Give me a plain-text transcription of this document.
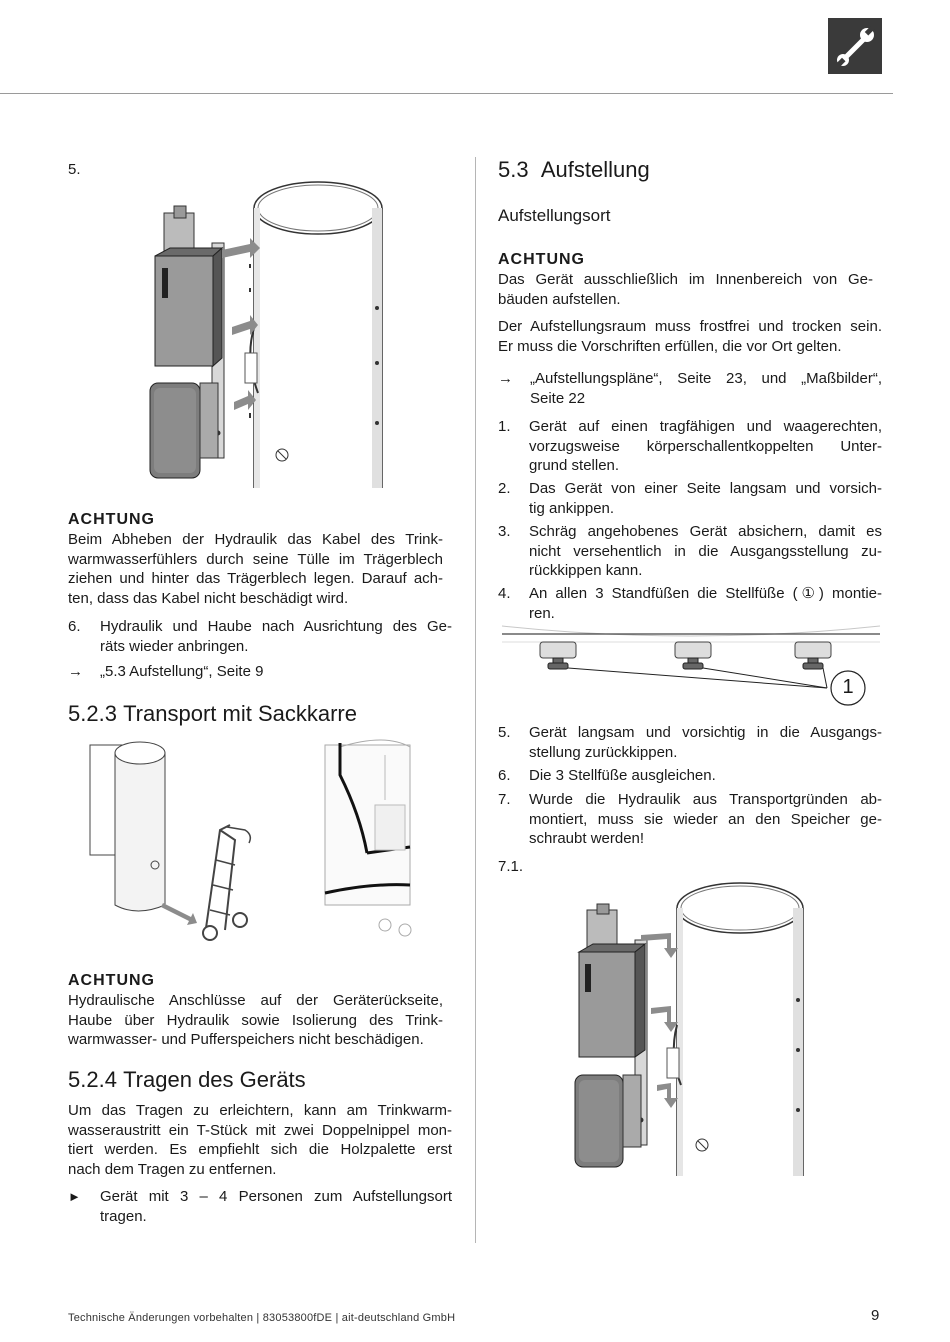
5.
ACHTUNG

Beim Abheben der Hydraulik das Kabel des Trink-

warmwasserfühlers durch seine Tülle im Trägerblech

ziehen und hinter das Trägerblech legen. Darauf ach-

ten, dass das Kabel nicht beschädigt wird.

6. Hydraulik und Haube nach Ausrichtung des Ge-
räts wieder anbringen.
→ „5.3 Aufstellung“, Seite 9
5.2.3 Transport mit Sackkarre
ACHTUNG

Hydraulische Anschlüsse auf der Geräterückseite,

Haube über Hydraulik sowie Isolierung des Trink-

warmwasser- und Pufferspeichers nicht beschädigen.

5.2.4 Tragen des Geräts

Um das Tragen zu erleichtern, kann am Trinkwarm-

wasseraustritt ein T-Stück mit zwei Doppelnippel mon-

tiert werden. Es empfiehlt sich die Holzpalette erst

nach dem Tragen zu entfernen.

► Gerät mit 3 – 4 Personen zum Aufstellungsort
tragen.
5.3 Aufstellung
Aufstellungsort
ACHTUNG

Das Gerät ausschließlich im Innenbereich von Ge-

bäuden aufstellen.

Der Aufstellungsraum muss frostfrei und trocken sein.

Er muss die Vorschriften erfüllen, die vor Ort gelten.

→ „Aufstellungspläne“, Seite 23, und „Maßbilder“,
Seite 22
1. Gerät auf einen tragfähigen und waagerechten,
vorzugsweise körperschallentkoppelten Unter-
grund stellen.
2. Das Gerät von einer Seite langsam und vorsich-
tig ankippen.
3. Schräg angehobenes Gerät absichern, damit es
nicht versehentlich in die Ausgangsstellung zu-
rückkippen kann.
4. An allen 3 Standfüßen die Stellfüße (①) montie-
ren.
1
5. Gerät langsam und vorsichtig in die Ausgangs-
stellung zurückkippen.
6. Die 3 Stellfüße ausgleichen.
7. Wurde die Hydraulik aus Transportgründen ab-
montiert, muss sie wieder an den Speicher ge-
schraubt werden!
7.1.
Technische Änderungen vorbehalten | 83053800fDE | ait-deutschland GmbH	9
